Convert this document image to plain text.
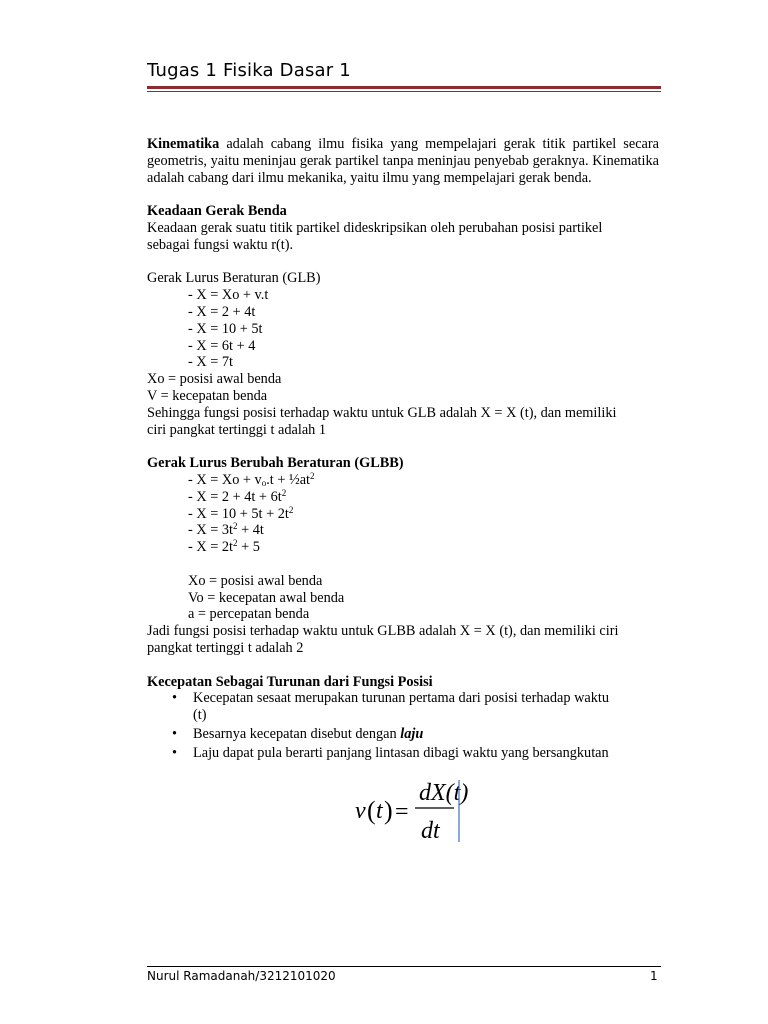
Tugas 1 Fisika Dasar 1

Kinematika adalah cabang ilmu fisika yang mempelajari gerak titik partikel secara geometris, yaitu meninjau gerak partikel tanpa meninjau penyebab geraknya. Kinematika adalah cabang dari ilmu mekanika, yaitu ilmu yang mempelajari gerak benda.

Keadaan Gerak Benda

Keadaan gerak suatu titik partikel dideskripsikan oleh perubahan posisi partikel

sebagai fungsi waktu r(t).

Gerak Lurus Beraturan (GLB)

- X = Xo + v.t

- X = 2 + 4t

- X = 10 + 5t

- X = 6t + 4

- X = 7t

Xo = posisi awal benda

V = kecepatan benda

Sehingga fungsi posisi terhadap waktu untuk GLB adalah X = X (t), dan memiliki

ciri pangkat tertinggi t adalah 1

Gerak Lurus Berubah Beraturan (GLBB)

- $X = Xo + v_o.t$ + $\frac{1}{2}at^2$

- $X = 2 + 4t + 6t^2$

- $X = 10 + 5t + 2t^2$

- $X = 3t^2 + 4t$

- $X = 2t^2 + 5$

Xo = posisi awal benda

Vo = kecepatan awal benda

a = percepatan benda

Jadi fungsi posisi terhadap waktu untuk GLBB adalah X = X (t), dan memiliki ciri

pangkat tertinggi t adalah 2

Kecepatan Sebagai Turunan dari Fungsi Posisi

• Kecepatan sesaat merupakan turunan pertama dari posisi terhadap waktu
(t)
• Besarnya kecepatan disebut dengan laju
• Laju dapat pula berarti panjang lintasan dibagi waktu yang bersangkutan
v ( t ) =
dX(t)
dt
Nurul Ramadanah/3212101020	1
